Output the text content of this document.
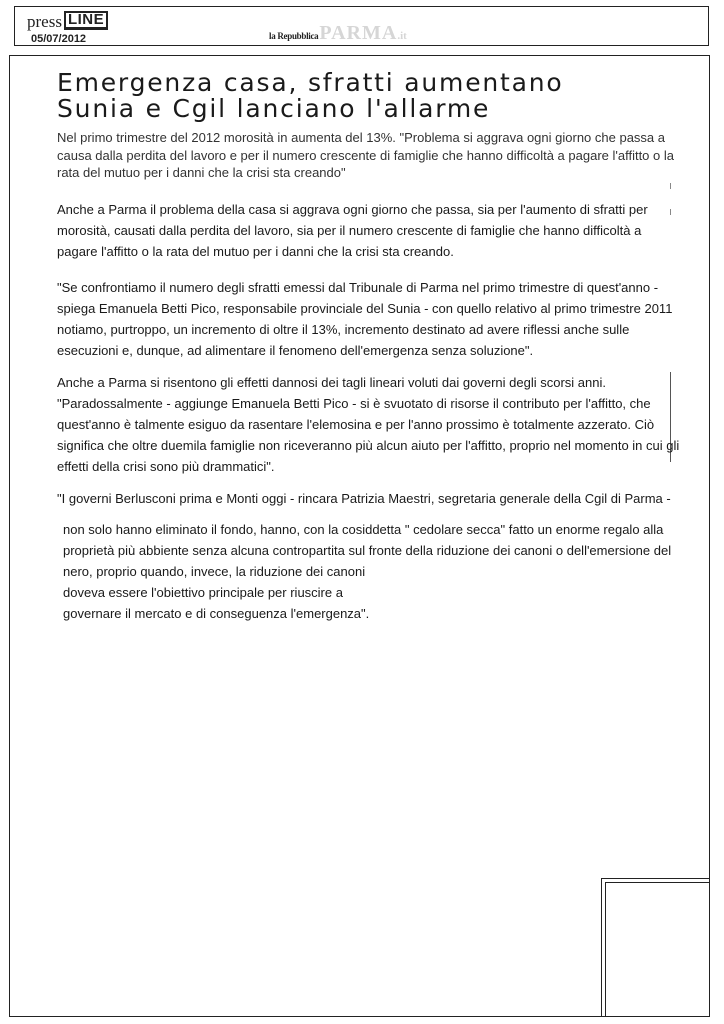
press LINE
05/07/2012	la Repubblica PARMA .it
Emergenza casa, sfratti aumentano
Sunia e Cgil lanciano l'allarme

Nel primo trimestre del 2012 morosità in aumenta del 13%. "Problema si aggrava ogni giorno che passa a
causa dalla perdita del lavoro e per il numero crescente di famiglie che hanno difficoltà a pagare l'affitto o la
rata del mutuo per i danni che la crisi sta creando"

Anche a Parma il problema della casa si aggrava ogni giorno che passa, sia per l'aumento di sfratti per
morosità, causati dalla perdita del lavoro, sia per il numero crescente di famiglie che hanno difficoltà a
pagare l'affitto o la rata del mutuo per i danni che la crisi sta creando.

"Se confrontiamo il numero degli sfratti emessi dal Tribunale di Parma nel primo trimestre di quest'anno -
spiega Emanuela Betti Pico, responsabile provinciale del Sunia - con quello relativo al primo trimestre 2011
notiamo, purtroppo, un incremento di oltre il 13%, incremento destinato ad avere riflessi anche sulle
esecuzioni e, dunque, ad alimentare il fenomeno dell'emergenza senza soluzione".

Anche a Parma si risentono gli effetti dannosi dei tagli lineari voluti dai governi degli scorsi anni.
"Paradossalmente - aggiunge Emanuela Betti Pico - si è svuotato di risorse il contributo per l'affitto, che
quest'anno è talmente esiguo da rasentare l'elemosina e per l'anno prossimo è totalmente azzerato. Ciò
significa che oltre duemila famiglie non riceveranno più alcun aiuto per l'affitto, proprio nel momento in cui gli
effetti della crisi sono più drammatici".

"I governi Berlusconi prima e Monti oggi - rincara Patrizia Maestri, segretaria generale della Cgil di Parma -

non solo hanno eliminato il fondo, hanno, con la cosiddetta " cedolare secca" fatto un enorme regalo alla
proprietà più abbiente senza alcuna contropartita sul fronte della riduzione dei canoni o dell'emersione del
nero, proprio quando, invece, la riduzione dei canoni
doveva essere l'obiettivo principale per riuscire a
governare il mercato e di conseguenza l'emergenza".
